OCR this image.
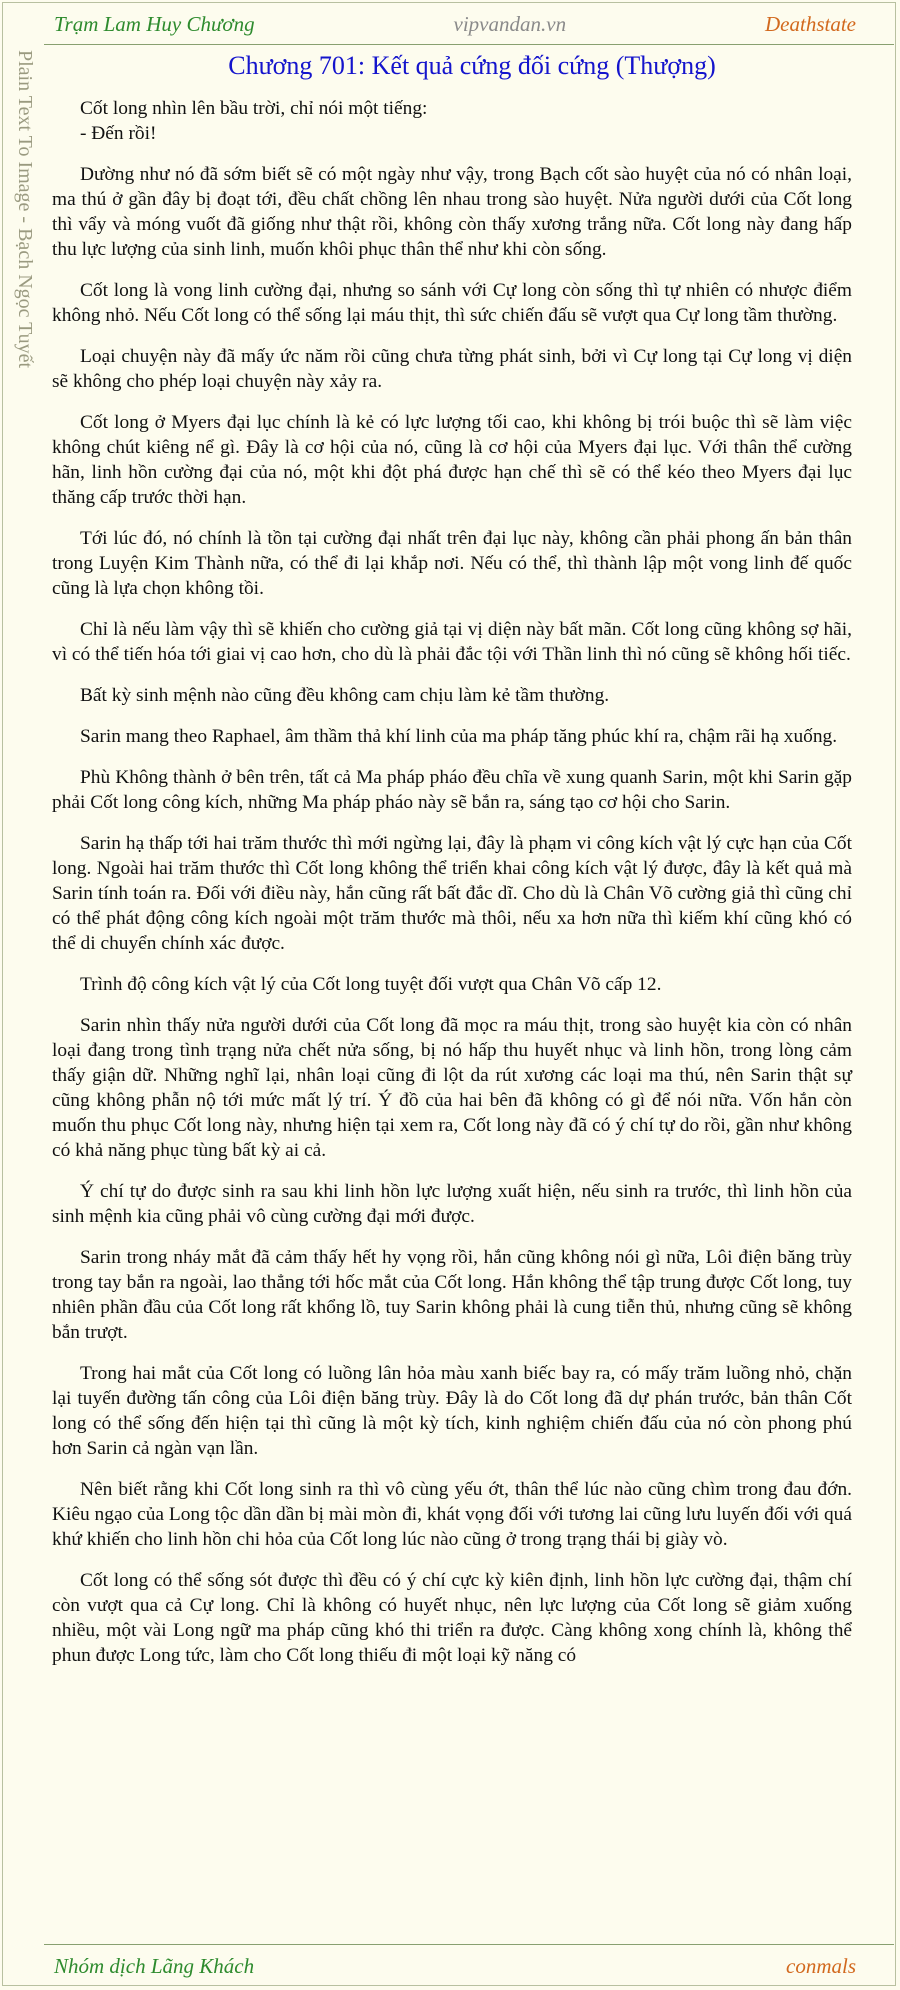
Trạm Lam Huy Chương	vipvandan.vn	Deathstate
Plain Text To Image - Bạch Ngọc Tuyết	Chương 701: Kết quả cứng đối cứng (Thượng)

Cốt long nhìn lên bầu trời, chỉ nói một tiếng:

- Đến rồi!

Dường như nó đã sớm biết sẽ có một ngày như vậy, trong Bạch cốt sào huyệt của nó có nhân loại, ma thú ở gần đây bị đoạt tới, đều chất chồng lên nhau trong sào huyệt. Nửa người dưới của Cốt long thì vẩy và móng vuốt đã giống như thật rồi, không còn thấy xương trắng nữa. Cốt long này đang hấp thu lực lượng của sinh linh, muốn khôi phục thân thể như khi còn sống.

Cốt long là vong linh cường đại, nhưng so sánh với Cự long còn sống thì tự nhiên có nhược điểm không nhỏ. Nếu Cốt long có thể sống lại máu thịt, thì sức chiến đấu sẽ vượt qua Cự long tầm thường.

Loại chuyện này đã mấy ức năm rồi cũng chưa từng phát sinh, bởi vì Cự long tại Cự long vị diện sẽ không cho phép loại chuyện này xảy ra.

Cốt long ở Myers đại lục chính là kẻ có lực lượng tối cao, khi không bị trói buộc thì sẽ làm việc không chút kiêng nể gì. Đây là cơ hội của nó, cũng là cơ hội của Myers đại lục. Với thân thể cường hãn, linh hồn cường đại của nó, một khi đột phá được hạn chế thì sẽ có thể kéo theo Myers đại lục thăng cấp trước thời hạn.

Tới lúc đó, nó chính là tồn tại cường đại nhất trên đại lục này, không cần phải phong ấn bản thân trong Luyện Kim Thành nữa, có thể đi lại khắp nơi. Nếu có thể, thì thành lập một vong linh đế quốc cũng là lựa chọn không tồi.

Chỉ là nếu làm vậy thì sẽ khiến cho cường giả tại vị diện này bất mãn. Cốt long cũng không sợ hãi, vì có thể tiến hóa tới giai vị cao hơn, cho dù là phải đắc tội với Thần linh thì nó cũng sẽ không hối tiếc.

Bất kỳ sinh mệnh nào cũng đều không cam chịu làm kẻ tầm thường.

Sarin mang theo Raphael, âm thầm thả khí linh của ma pháp tăng phúc khí ra, chậm rãi hạ xuống.

Phù Không thành ở bên trên, tất cả Ma pháp pháo đều chĩa về xung quanh Sarin, một khi Sarin gặp phải Cốt long công kích, những Ma pháp pháo này sẽ bắn ra, sáng tạo cơ hội cho Sarin.

Sarin hạ thấp tới hai trăm thước thì mới ngừng lại, đây là phạm vi công kích vật lý cực hạn của Cốt long. Ngoài hai trăm thước thì Cốt long không thể triển khai công kích vật lý được, đây là kết quả mà Sarin tính toán ra. Đối với điều này, hắn cũng rất bất đắc dĩ. Cho dù là Chân Võ cường giả thì cũng chỉ có thể phát động công kích ngoài một trăm thước mà thôi, nếu xa hơn nữa thì kiếm khí cũng khó có thể di chuyển chính xác được.

Trình độ công kích vật lý của Cốt long tuyệt đối vượt qua Chân Võ cấp 12.

Sarin nhìn thấy nửa người dưới của Cốt long đã mọc ra máu thịt, trong sào huyệt kia còn có nhân loại đang trong tình trạng nửa chết nửa sống, bị nó hấp thu huyết nhục và linh hồn, trong lòng cảm thấy giận dữ. Những nghĩ lại, nhân loại cũng đi lột da rút xương các loại ma thú, nên Sarin thật sự cũng không phẫn nộ tới mức mất lý trí. Ý đồ của hai bên đã không có gì để nói nữa. Vốn hắn còn muốn thu phục Cốt long này, nhưng hiện tại xem ra, Cốt long này đã có ý chí tự do rồi, gần như không có khả năng phục tùng bất kỳ ai cả.

Ý chí tự do được sinh ra sau khi linh hồn lực lượng xuất hiện, nếu sinh ra trước, thì linh hồn của sinh mệnh kia cũng phải vô cùng cường đại mới được.

Sarin trong nháy mắt đã cảm thấy hết hy vọng rồi, hắn cũng không nói gì nữa, Lôi điện băng trùy trong tay bắn ra ngoài, lao thẳng tới hốc mắt của Cốt long. Hắn không thể tập trung được Cốt long, tuy nhiên phần đầu của Cốt long rất khổng lồ, tuy Sarin không phải là cung tiễn thủ, nhưng cũng sẽ không bắn trượt.

Trong hai mắt của Cốt long có luồng lân hỏa màu xanh biếc bay ra, có mấy trăm luồng nhỏ, chặn lại tuyến đường tấn công của Lôi điện băng trùy. Đây là do Cốt long đã dự phán trước, bản thân Cốt long có thể sống đến hiện tại thì cũng là một kỳ tích, kinh nghiệm chiến đấu của nó còn phong phú hơn Sarin cả ngàn vạn lần.

Nên biết rằng khi Cốt long sinh ra thì vô cùng yếu ớt, thân thể lúc nào cũng chìm trong đau đớn. Kiêu ngạo của Long tộc dần dần bị mài mòn đi, khát vọng đối với tương lai cũng lưu luyến đối với quá khứ khiến cho linh hồn chi hỏa của Cốt long lúc nào cũng ở trong trạng thái bị giày vò.

Cốt long có thể sống sót được thì đều có ý chí cực kỳ kiên định, linh hồn lực cường đại, thậm chí còn vượt qua cả Cự long. Chỉ là không có huyết nhục, nên lực lượng của Cốt long sẽ giảm xuống nhiều, một vài Long ngữ ma pháp cũng khó thi triển ra được. Càng không xong chính là, không thể phun được Long tức, làm cho Cốt long thiếu đi một loại kỹ năng có

Nhóm dịch Lãng Khách	conmals
